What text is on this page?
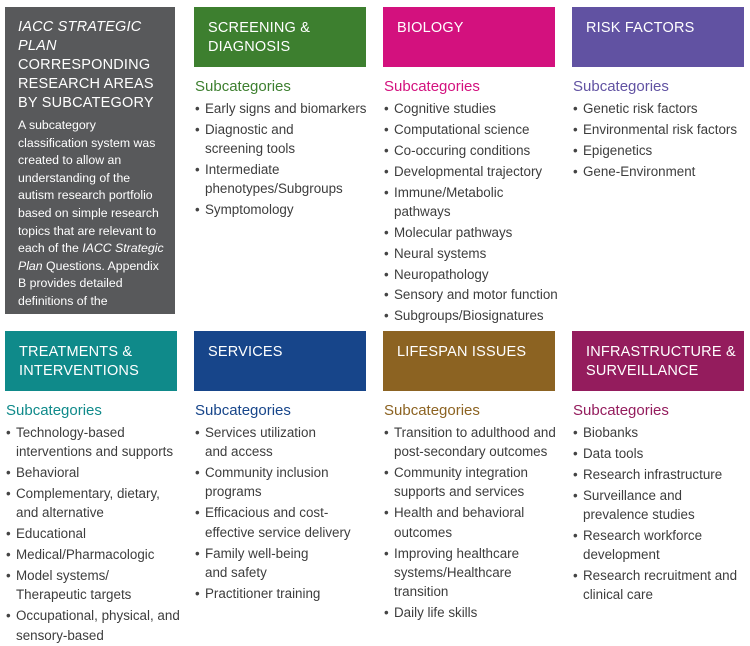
IACC STRATEGIC PLAN
CORRESPONDING RESEARCH AREAS BY SUBCATEGORY
A subcategory classification system was created to allow an understanding of the autism research portfolio based on simple research topics that are relevant to each of the IACC Strategic Plan Questions. Appendix B provides detailed definitions of the subcategory research
SCREENING & DIAGNOSIS
Subcategories
• Early signs and biomarkers
• Diagnostic and
screening tools
• Intermediate
phenotypes/Subgroups
• Symptomology
BIOLOGY
Subcategories
• Cognitive studies
• Computational science
• Co-occuring conditions
• Developmental trajectory
• Immune/Metabolic
pathways
• Molecular pathways
• Neural systems
• Neuropathology
• Sensory and motor function
• Subgroups/Biosignatures
RISK FACTORS
Subcategories
• Genetic risk factors
• Environmental risk factors
• Epigenetics
• Gene-Environment
TREATMENTS & INTERVENTIONS
Subcategories
• Technology-based
interventions and supports
• Behavioral
• Complementary, dietary,
and alternative
• Educational
• Medical/Pharmacologic
• Model systems/
Therapeutic targets
• Occupational, physical, and
sensory-based
SERVICES
Subcategories
• Services utilization
and access
• Community inclusion
programs
• Efficacious and cost-
effective service delivery
• Family well-being
and safety
• Practitioner training
LIFESPAN ISSUES
Subcategories
• Transition to adulthood and
post-secondary outcomes
• Community integration
supports and services
• Health and behavioral
outcomes
• Improving healthcare
systems/Healthcare
transition
• Daily life skills
INFRASTRUCTURE & SURVEILLANCE
Subcategories
• Biobanks
• Data tools
• Research infrastructure
• Surveillance and
prevalence studies
• Research workforce
development
• Research recruitment and
clinical care
